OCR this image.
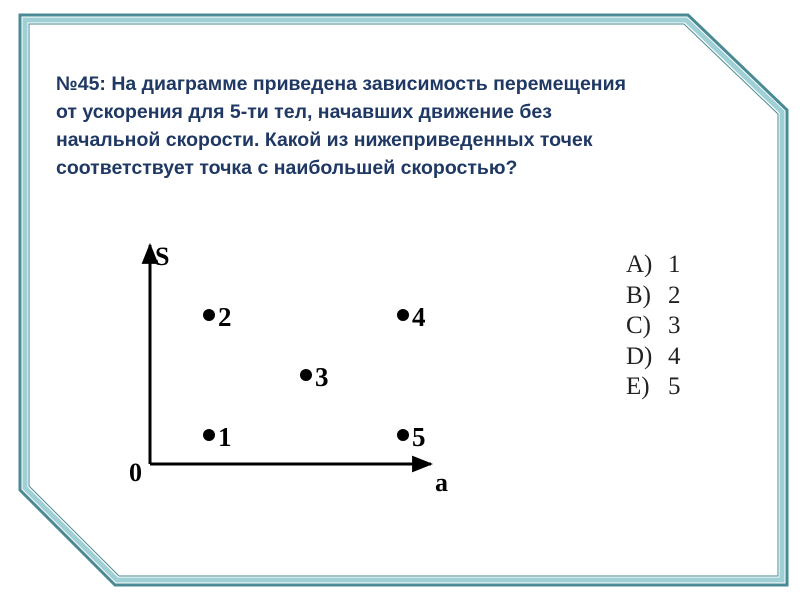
№45: На диаграмме приведена зависимость перемещения
от ускорения для 5-ти тел, начавших движение без
начальной скорости. Какой из нижеприведенных точек
соответствует точка с наибольшей скоростью?
S
a
0
1
2
3
4
5
A) 1
B) 2
C) 3
D) 4
E) 5
